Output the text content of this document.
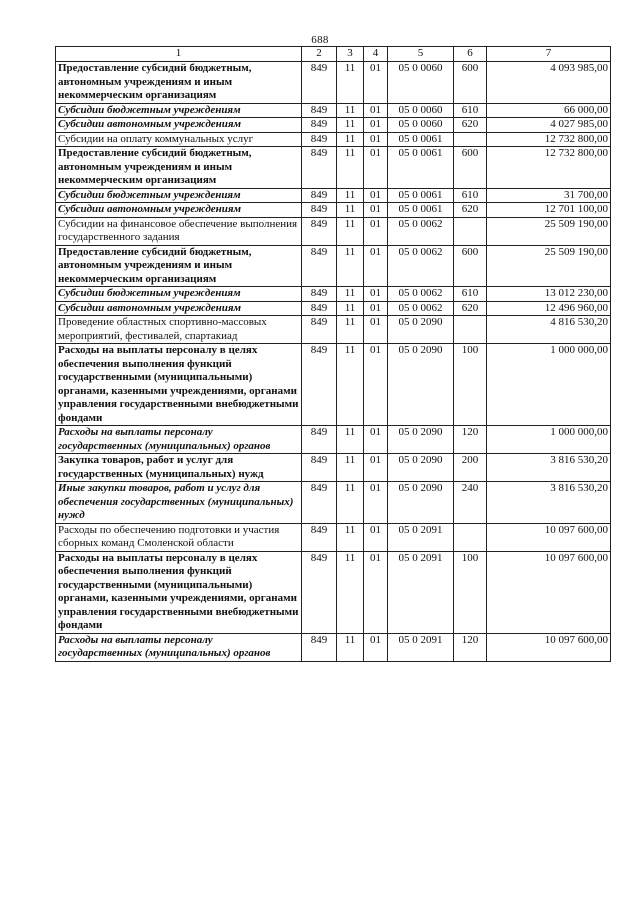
688
1	2	3	4	5	6	7
Предоставление субсидий бюджетным, автономным учреждениям и иным некоммерческим организациям	849	11	01	05 0 0060	600	4 093 985,00
Субсидии бюджетным учреждениям	849	11	01	05 0 0060	610	66 000,00
Субсидии автономным учреждениям	849	11	01	05 0 0060	620	4 027 985,00
Субсидии на оплату коммунальных услуг	849	11	01	05 0 0061		12 732 800,00
Предоставление субсидий бюджетным, автономным учреждениям и иным некоммерческим организациям	849	11	01	05 0 0061	600	12 732 800,00
Субсидии бюджетным учреждениям	849	11	01	05 0 0061	610	31 700,00
Субсидии автономным учреждениям	849	11	01	05 0 0061	620	12 701 100,00
Субсидии на финансовое обеспечение выполнения государственного задания	849	11	01	05 0 0062		25 509 190,00
Предоставление субсидий бюджетным, автономным учреждениям и иным некоммерческим организациям	849	11	01	05 0 0062	600	25 509 190,00
Субсидии бюджетным учреждениям	849	11	01	05 0 0062	610	13 012 230,00
Субсидии автономным учреждениям	849	11	01	05 0 0062	620	12 496 960,00
Проведение областных спортивно-массовых мероприятий, фестивалей, спартакиад	849	11	01	05 0 2090		4 816 530,20
Расходы на выплаты персоналу в целях обеспечения выполнения функций государственными (муниципальными) органами, казенными учреждениями, органами управления государственными внебюджетными фондами	849	11	01	05 0 2090	100	1 000 000,00
Расходы на выплаты персоналу государственных (муниципальных) органов	849	11	01	05 0 2090	120	1 000 000,00
Закупка товаров, работ и услуг для государственных (муниципальных) нужд	849	11	01	05 0 2090	200	3 816 530,20
Иные закупки товаров, работ и услуг для обеспечения государственных (муниципальных) нужд	849	11	01	05 0 2090	240	3 816 530,20
Расходы по обеспечению подготовки и участия сборных команд Смоленской области	849	11	01	05 0 2091		10 097 600,00
Расходы на выплаты персоналу в целях обеспечения выполнения функций государственными (муниципальными) органами, казенными учреждениями, органами управления государственными внебюджетными фондами	849	11	01	05 0 2091	100	10 097 600,00
Расходы на выплаты персоналу государственных (муниципальных) органов	849	11	01	05 0 2091	120	10 097 600,00
